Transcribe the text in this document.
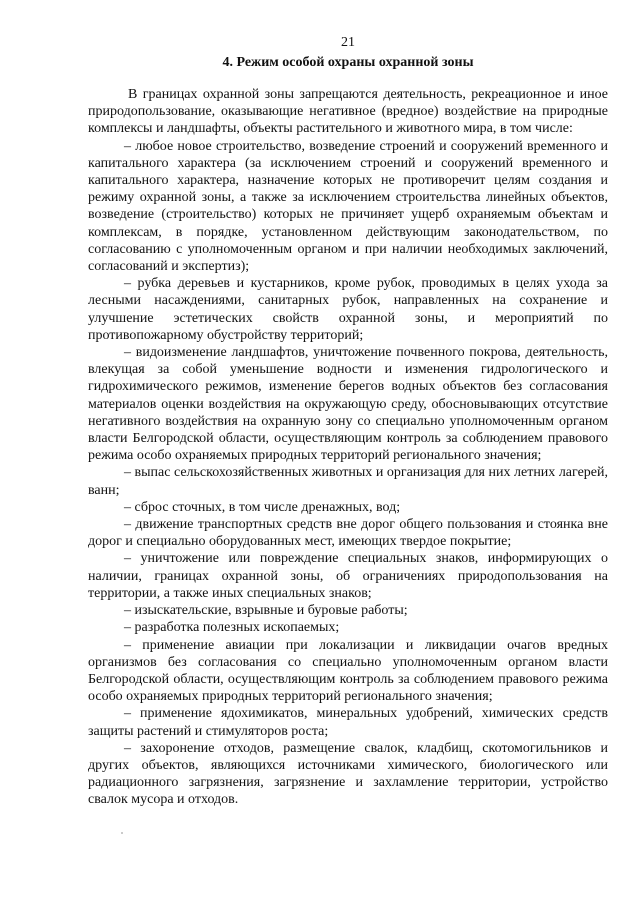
21
4. Режим особой охраны охранной зоны

В границах охранной зоны запрещаются деятельность, рекреационное и иное природопользование, оказывающие негативное (вредное) воздействие на природные комплексы и ландшафты, объекты растительного и животного мира, в том числе:

– любое новое строительство, возведение строений и сооружений временного и капитального характера (за исключением строений и сооружений временного и капитального характера, назначение которых не противоречит целям создания и режиму охранной зоны, а также за исключением строительства линейных объектов, возведение (строительство) которых не причиняет ущерб охраняемым объектам и комплексам, в порядке, установленном действующим законодательством, по согласованию с уполномоченным органом и при наличии необходимых заключений, согласований и экспертиз);

– рубка деревьев и кустарников, кроме рубок, проводимых в целях ухода за лесными насаждениями, санитарных рубок, направленных на сохранение и улучшение эстетических свойств охранной зоны, и мероприятий по противопожарному обустройству территорий;

– видоизменение ландшафтов, уничтожение почвенного покрова, деятельность, влекущая за собой уменьшение водности и изменения гидрологического и гидрохимического режимов, изменение берегов водных объектов без согласования материалов оценки воздействия на окружающую среду, обосновывающих отсутствие негативного воздействия на охранную зону со специально уполномоченным органом власти Белгородской области, осуществляющим контроль за соблюдением правового режима особо охраняемых природных территорий регионального значения;

– выпас сельскохозяйственных животных и организация для них летних лагерей, ванн;

– сброс сточных, в том числе дренажных, вод;

– движение транспортных средств вне дорог общего пользования и стоянка вне дорог и специально оборудованных мест, имеющих твердое покрытие;

– уничтожение или повреждение специальных знаков, информирующих о наличии, границах охранной зоны, об ограничениях природопользования на территории, а также иных специальных знаков;

– изыскательские, взрывные и буровые работы;

– разработка полезных ископаемых;

– применение авиации при локализации и ликвидации очагов вредных организмов без согласования со специально уполномоченным органом власти Белгородской области, осуществляющим контроль за соблюдением правового режима особо охраняемых природных территорий регионального значения;

– применение ядохимикатов, минеральных удобрений, химических средств защиты растений и стимуляторов роста;

– захоронение отходов, размещение свалок, кладбищ, скотомогильников и других объектов, являющихся источниками химического, биологического или радиационного загрязнения, загрязнение и захламление территории, устройство свалок мусора и отходов.
